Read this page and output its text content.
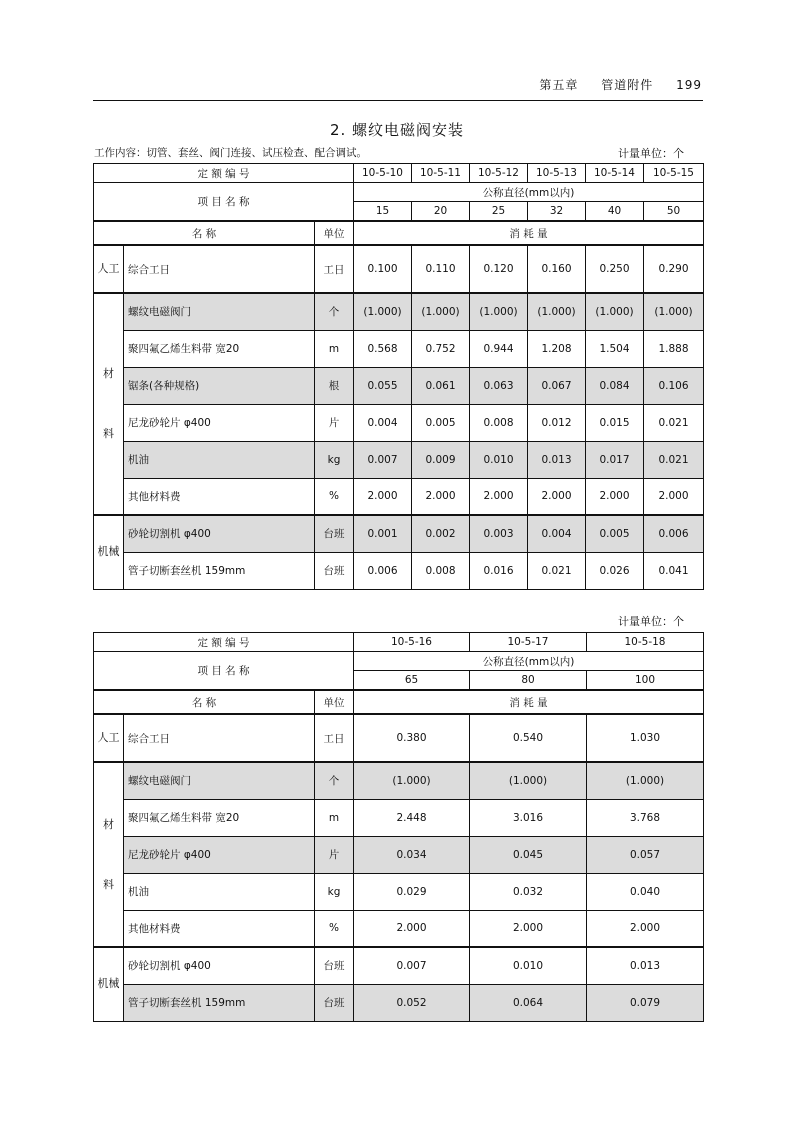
第五章 管道附件 199
2. 螺纹电磁阀安装
工作内容：切管、套丝、阀门连接、试压检查、配合调试。	计量单位：个
定 额 编 号			10-5-10	10-5-11	10-5-12	10-5-13	10-5-14	10-5-15
项 目 名 称			公称直径(mm以内)					
			15	20	25	32	40	50
名 称		单位	消 耗 量					
人工	综合工日	工日	0.100	0.110	0.120	0.160	0.250	0.290
材

料	螺纹电磁阀门	个	(1.000)	(1.000)	(1.000)	(1.000)	(1.000)	(1.000)
	聚四氟乙烯生料带 宽20	m	0.568	0.752	0.944	1.208	1.504	1.888
	锯条(各种规格)	根	0.055	0.061	0.063	0.067	0.084	0.106
	尼龙砂轮片 φ400	片	0.004	0.005	0.008	0.012	0.015	0.021
	机油	kg	0.007	0.009	0.010	0.013	0.017	0.021
	其他材料费	%	2.000	2.000	2.000	2.000	2.000	2.000
机械	砂轮切割机 φ400	台班	0.001	0.002	0.003	0.004	0.005	0.006
	管子切断套丝机 159mm	台班	0.006	0.008	0.016	0.021	0.026	0.041
计量单位：个
定 额 编 号			10-5-16	10-5-17	10-5-18
项 目 名 称			公称直径(mm以内)		
			65	80	100
名 称		单位	消 耗 量		
人工	综合工日	工日	0.380	0.540	1.030
材

料	螺纹电磁阀门	个	(1.000)	(1.000)	(1.000)
	聚四氟乙烯生料带 宽20	m	2.448	3.016	3.768
	尼龙砂轮片 φ400	片	0.034	0.045	0.057
	机油	kg	0.029	0.032	0.040
	其他材料费	%	2.000	2.000	2.000
机械	砂轮切割机 φ400	台班	0.007	0.010	0.013
	管子切断套丝机 159mm	台班	0.052	0.064	0.079
